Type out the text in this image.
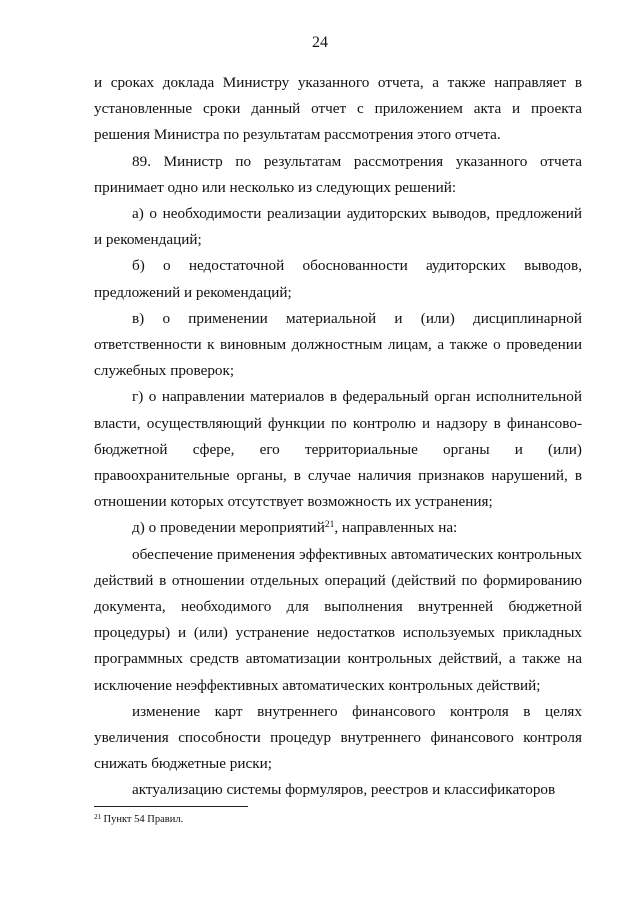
24

и сроках доклада Министру указанного отчета, а также направляет в установленные сроки данный отчет с приложением акта и проекта решения Министра по результатам рассмотрения этого отчета.

89. Министр по результатам рассмотрения указанного отчета принимает одно или несколько из следующих решений:

а) о необходимости реализации аудиторских выводов, предложений и рекомендаций;

б) о недостаточной обоснованности аудиторских выводов, предложений и рекомендаций;

в) о применении материальной и (или) дисциплинарной ответственности к виновным должностным лицам, а также о проведении служебных проверок;

г) о направлении материалов в федеральный орган исполнительной власти, осуществляющий функции по контролю и надзору в финансово-бюджетной сфере, его территориальные органы и (или) правоохранительные органы, в случае наличия признаков нарушений, в отношении которых отсутствует возможность их устранения;

д) о проведении мероприятий$^{21}$, направленных на:

обеспечение применения эффективных автоматических контрольных действий в отношении отдельных операций (действий по формированию документа, необходимого для выполнения внутренней бюджетной процедуры) и (или) устранение недостатков используемых прикладных программных средств автоматизации контрольных действий, а также на исключение неэффективных автоматических контрольных действий;

изменение карт внутреннего финансового контроля в целях увеличения способности процедур внутреннего финансового контроля снижать бюджетные риски;

актуализацию системы формуляров, реестров и классификаторов

$^{21}$ Пункт 54 Правил.
